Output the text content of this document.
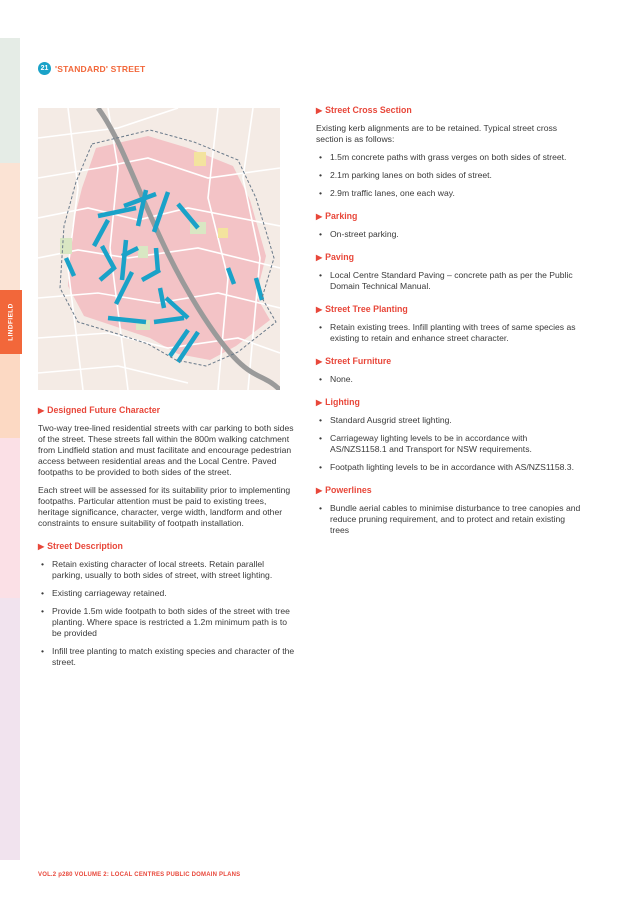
LINDFIELD
21 'STANDARD' STREET
▶ Designed Future Character
Two-way tree-lined residential streets with car parking to both sides of the street. These streets fall within the 800m walking catchment from Lindfield station and must facilitate and encourage pedestrian access between residential areas and the Local Centre. Paved footpaths to be provided to both sides of the street.
Each street will be assessed for its suitability prior to implementing footpaths. Particular attention must be paid to existing trees, heritage significance, character, verge width, landform and other constraints to ensure suitability of footpath installation.
▶ Street Description
• Retain existing character of local streets. Retain parallel parking, usually to both sides of street, with street lighting.
• Existing carriageway retained.
• Provide 1.5m wide footpath to both sides of the street with tree planting. Where space is restricted a 1.2m minimum path is to be provided
• Infill tree planting to match existing species and character of the street.
▶ Street Cross Section
Existing kerb alignments are to be retained. Typical street cross section is as follows:
• 1.5m concrete paths with grass verges on both sides of street.
• 2.1m parking lanes on both sides of street.
• 2.9m traffic lanes, one each way.
▶ Parking
• On-street parking.
▶ Paving
• Local Centre Standard Paving – concrete path as per the Public Domain Technical Manual.
▶ Street Tree Planting
• Retain existing trees. Infill planting with trees of same species as existing to retain and enhance street character.
▶ Street Furniture
• None.
▶ Lighting
• Standard Ausgrid street lighting.
• Carriageway lighting levels to be in accordance with AS/NZS1158.1 and Transport for NSW requirements.
• Footpath lighting levels to be in accordance with AS/NZS1158.3.
▶ Powerlines
• Bundle aerial cables to minimise disturbance to tree canopies and reduce pruning requirement, and to protect and retain existing trees
VOL.2 p280 VOLUME 2: LOCAL CENTRES PUBLIC DOMAIN PLANS
